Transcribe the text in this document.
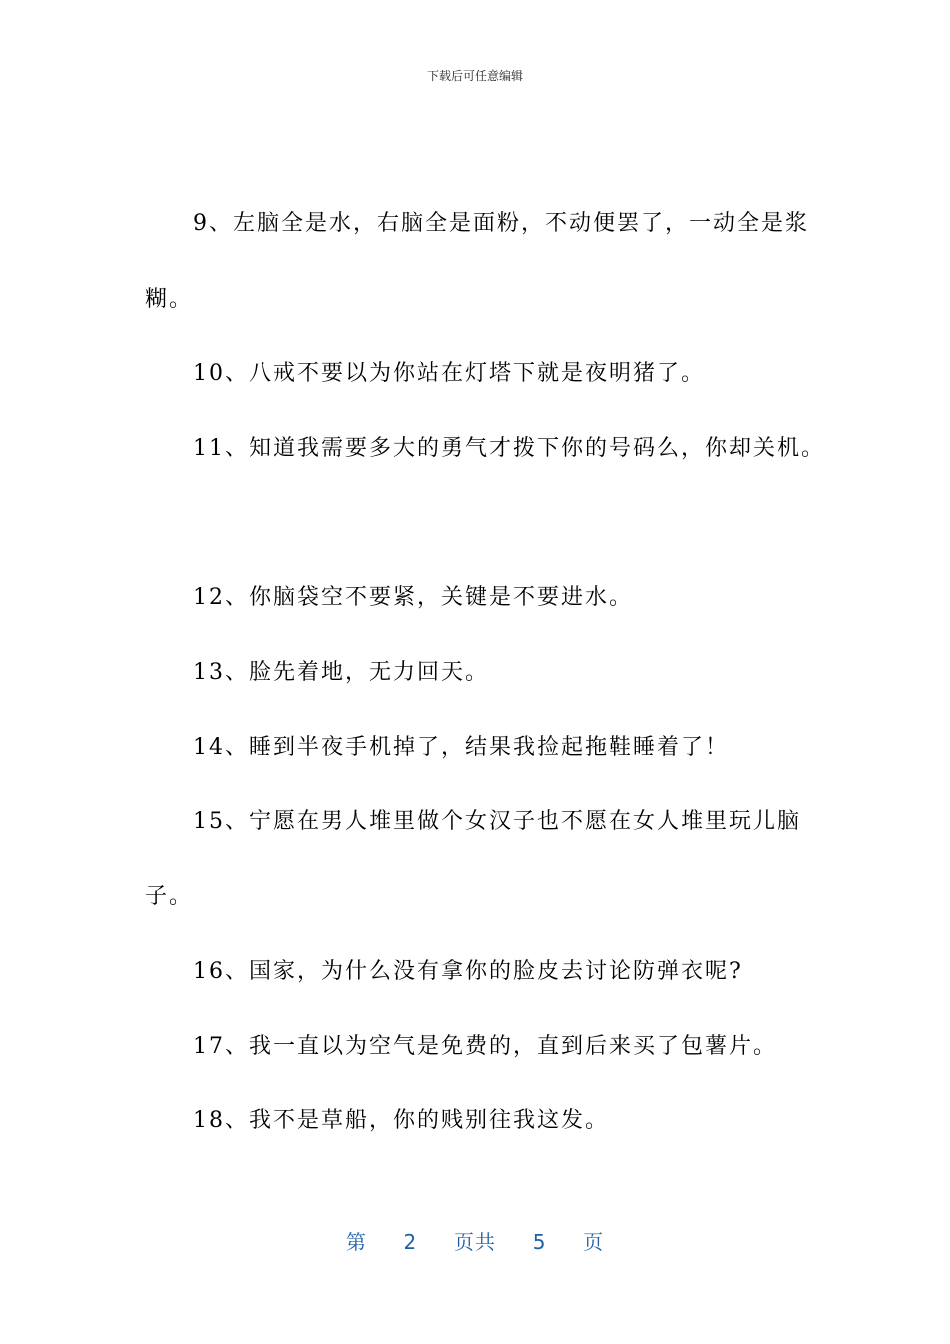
下载后可任意编辑
9、左脑全是水，右脑全是面粉，不动便罢了，一动全是浆
糊。
10、八戒不要以为你站在灯塔下就是夜明猪了。
11、知道我需要多大的勇气才拨下你的号码么，你却关机。
12、你脑袋空不要紧，关键是不要进水。
13、脸先着地，无力回天。
14、睡到半夜手机掉了，结果我捡起拖鞋睡着了！
15、宁愿在男人堆里做个女汉子也不愿在女人堆里玩儿脑
子。
16、国家，为什么没有拿你的脸皮去讨论防弹衣呢?
17、我一直以为空气是免费的，直到后来买了包薯片。
18、我不是草船，你的贱别往我这发。
第 2 页共 5 页
